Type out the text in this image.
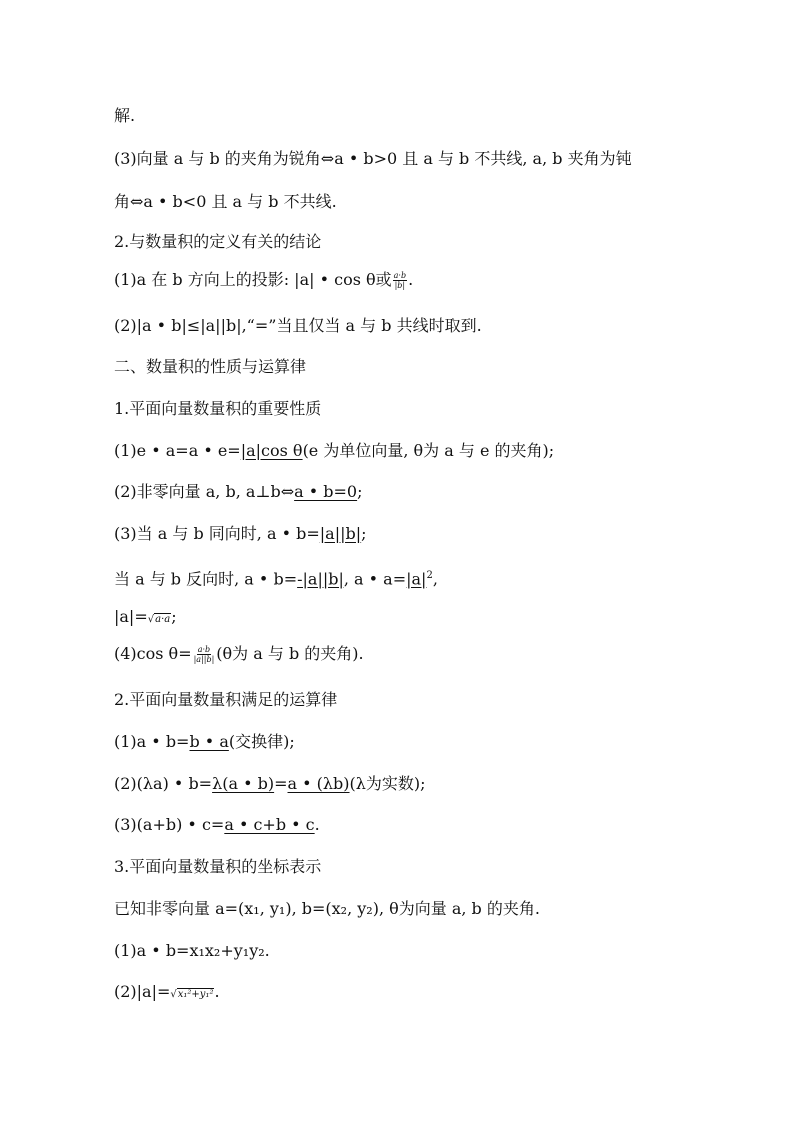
解.
(3)向量 a 与 b 的夹角为锐角⇔a • b>0 且 a 与 b 不共线, a, b 夹角为钝
角⇔a • b<0 且 a 与 b 不共线.
2.与数量积的定义有关的结论
(1)a 在 b 方向上的投影: |a| • cos θ或 $\frac{a\cdot b}{|b|}$ .
(2)|a • b|≤|a||b|,“=”当且仅当 a 与 b 共线时取到.
二、数量积的性质与运算律
1.平面向量数量积的重要性质
(1)e • a=a • e=|a|cos θ(e 为单位向量, θ为 a 与 e 的夹角);
(2)非零向量 a, b, a⊥b⇔a • b=0;
(3)当 a 与 b 同向时, a • b=|a||b|;
当 a 与 b 反向时, a • b=-|a||b|, a • $a=|a|^2$,
|a|=√a·a;
(4)cos $\theta= \frac{a\cdot b}{|a||b|} (\theta$为 a 与 b 的夹角).
2.平面向量数量积满足的运算律
(1)a • b=b • a(交换律);
(2)(λa) • b=λ(a • b)=a • (λb)(λ为实数);
(3)(a+b) • c=a • c+b • c.
3.平面向量数量积的坐标表示
已知非零向量 a=(x₁, y₁), b=(x₂, y₂), θ为向量 a, b 的夹角.
(1)a • b=x₁x₂+y₁y₂.
(2)|a|=√x₁²+y₁².
